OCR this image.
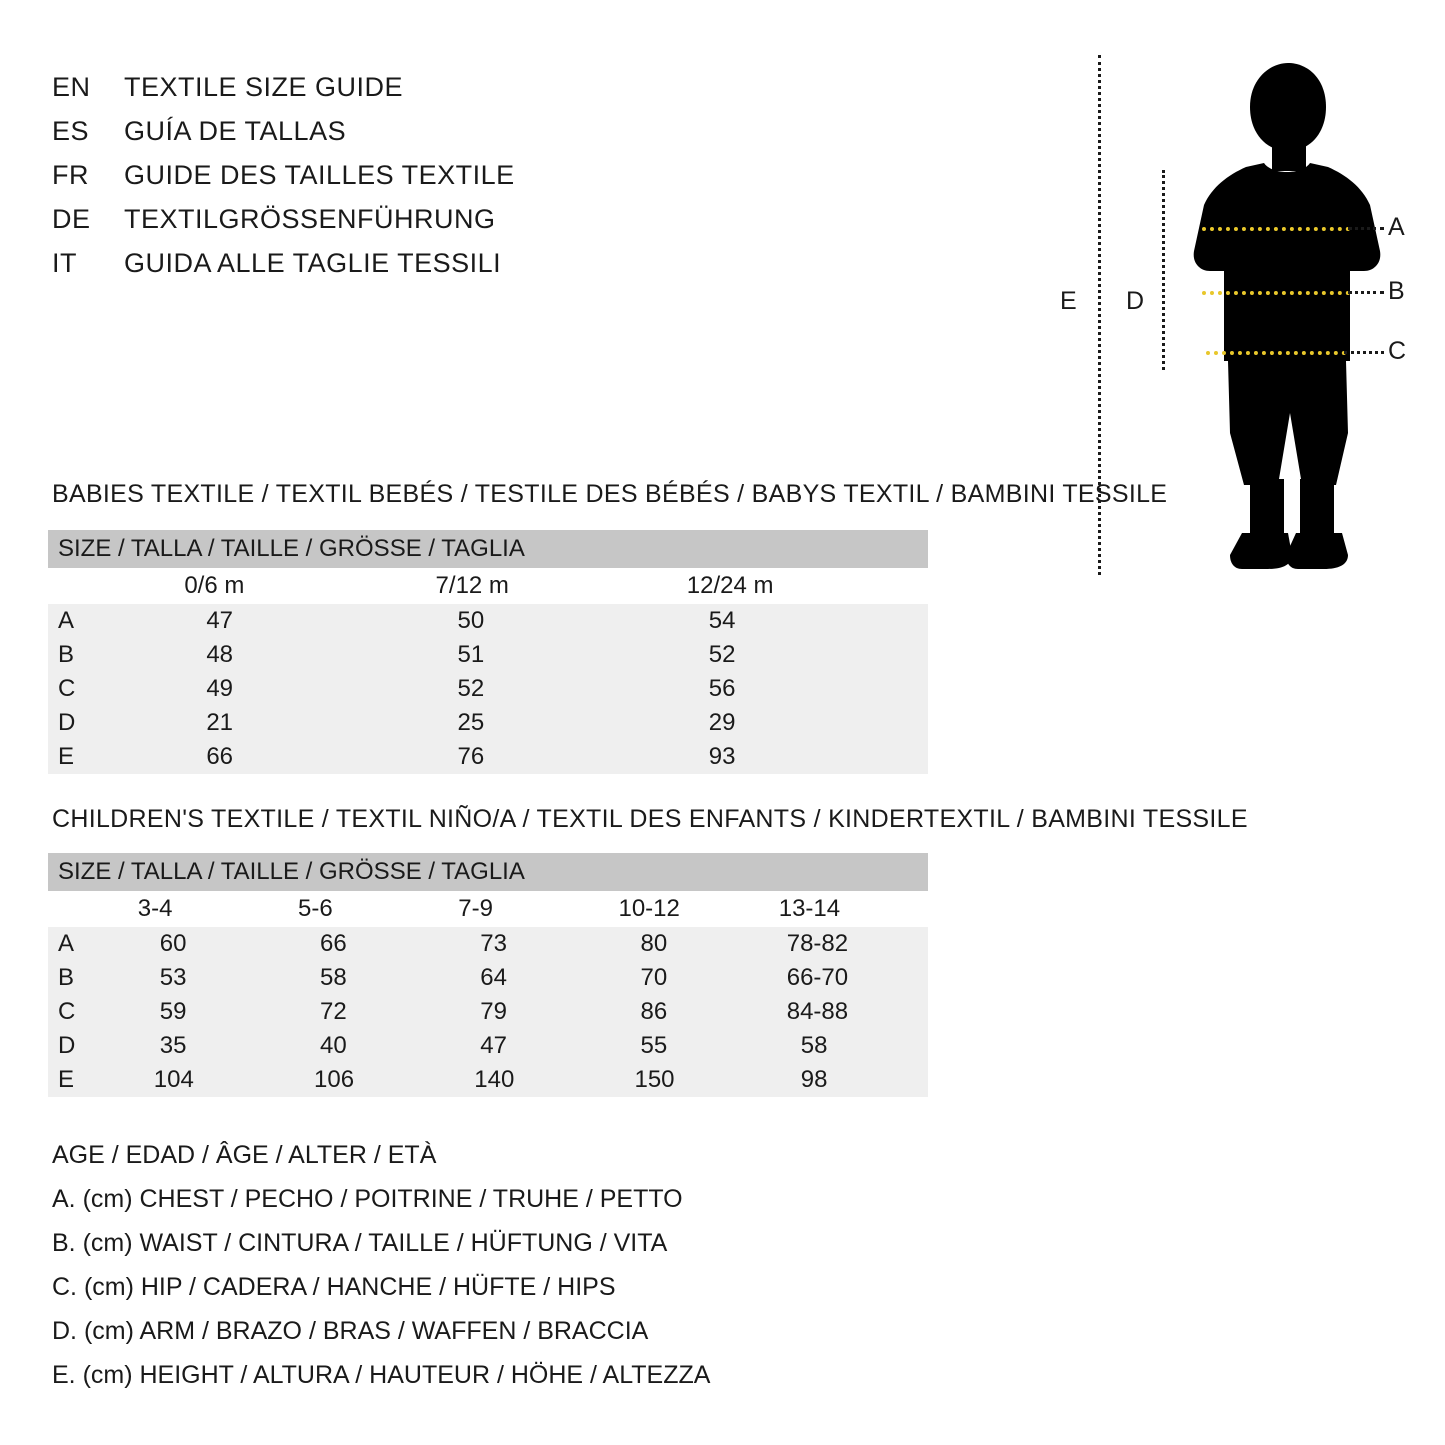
EN	TEXTILE SIZE GUIDE
ES	GUÍA DE TALLAS
FR	GUIDE DES TAILLES TEXTILE
DE	TEXTILGRÖSSENFÜHRUNG
IT	GUIDA ALLE TAGLIE TESSILI
E D
A
B
C
BABIES TEXTILE / TEXTIL BEBÉS / TESTILE DES BÉBÉS / BABYS TEXTIL / BAMBINI TESSILE
SIZE / TALLA / TAILLE / GRÖSSE / TAGLIA			
	0/6 m	7/12 m	12/24 m
A	47	50	54
B	48	51	52
C	49	52	56
D	21	25	29
E	66	76	93
CHILDREN'S TEXTILE / TEXTIL NIÑO/A / TEXTIL DES ENFANTS / KINDERTEXTIL / BAMBINI TESSILE
SIZE / TALLA / TAILLE / GRÖSSE / TAGLIA					
	3-4	5-6	7-9	10-12	13-14
A	60	66	73	80	78-82
B	53	58	64	70	66-70
C	59	72	79	86	84-88
D	35	40	47	55	58
E	104	106	140	150	98
AGE / EDAD / ÂGE / ALTER / ETÀ
A. (cm) CHEST / PECHO / POITRINE / TRUHE / PETTO
B. (cm) WAIST / CINTURA / TAILLE / HÜFTUNG / VITA
C. (cm) HIP / CADERA / HANCHE / HÜFTE / HIPS
D. (cm) ARM / BRAZO / BRAS / WAFFEN / BRACCIA
E. (cm) HEIGHT / ALTURA / HAUTEUR / HÖHE / ALTEZZA
